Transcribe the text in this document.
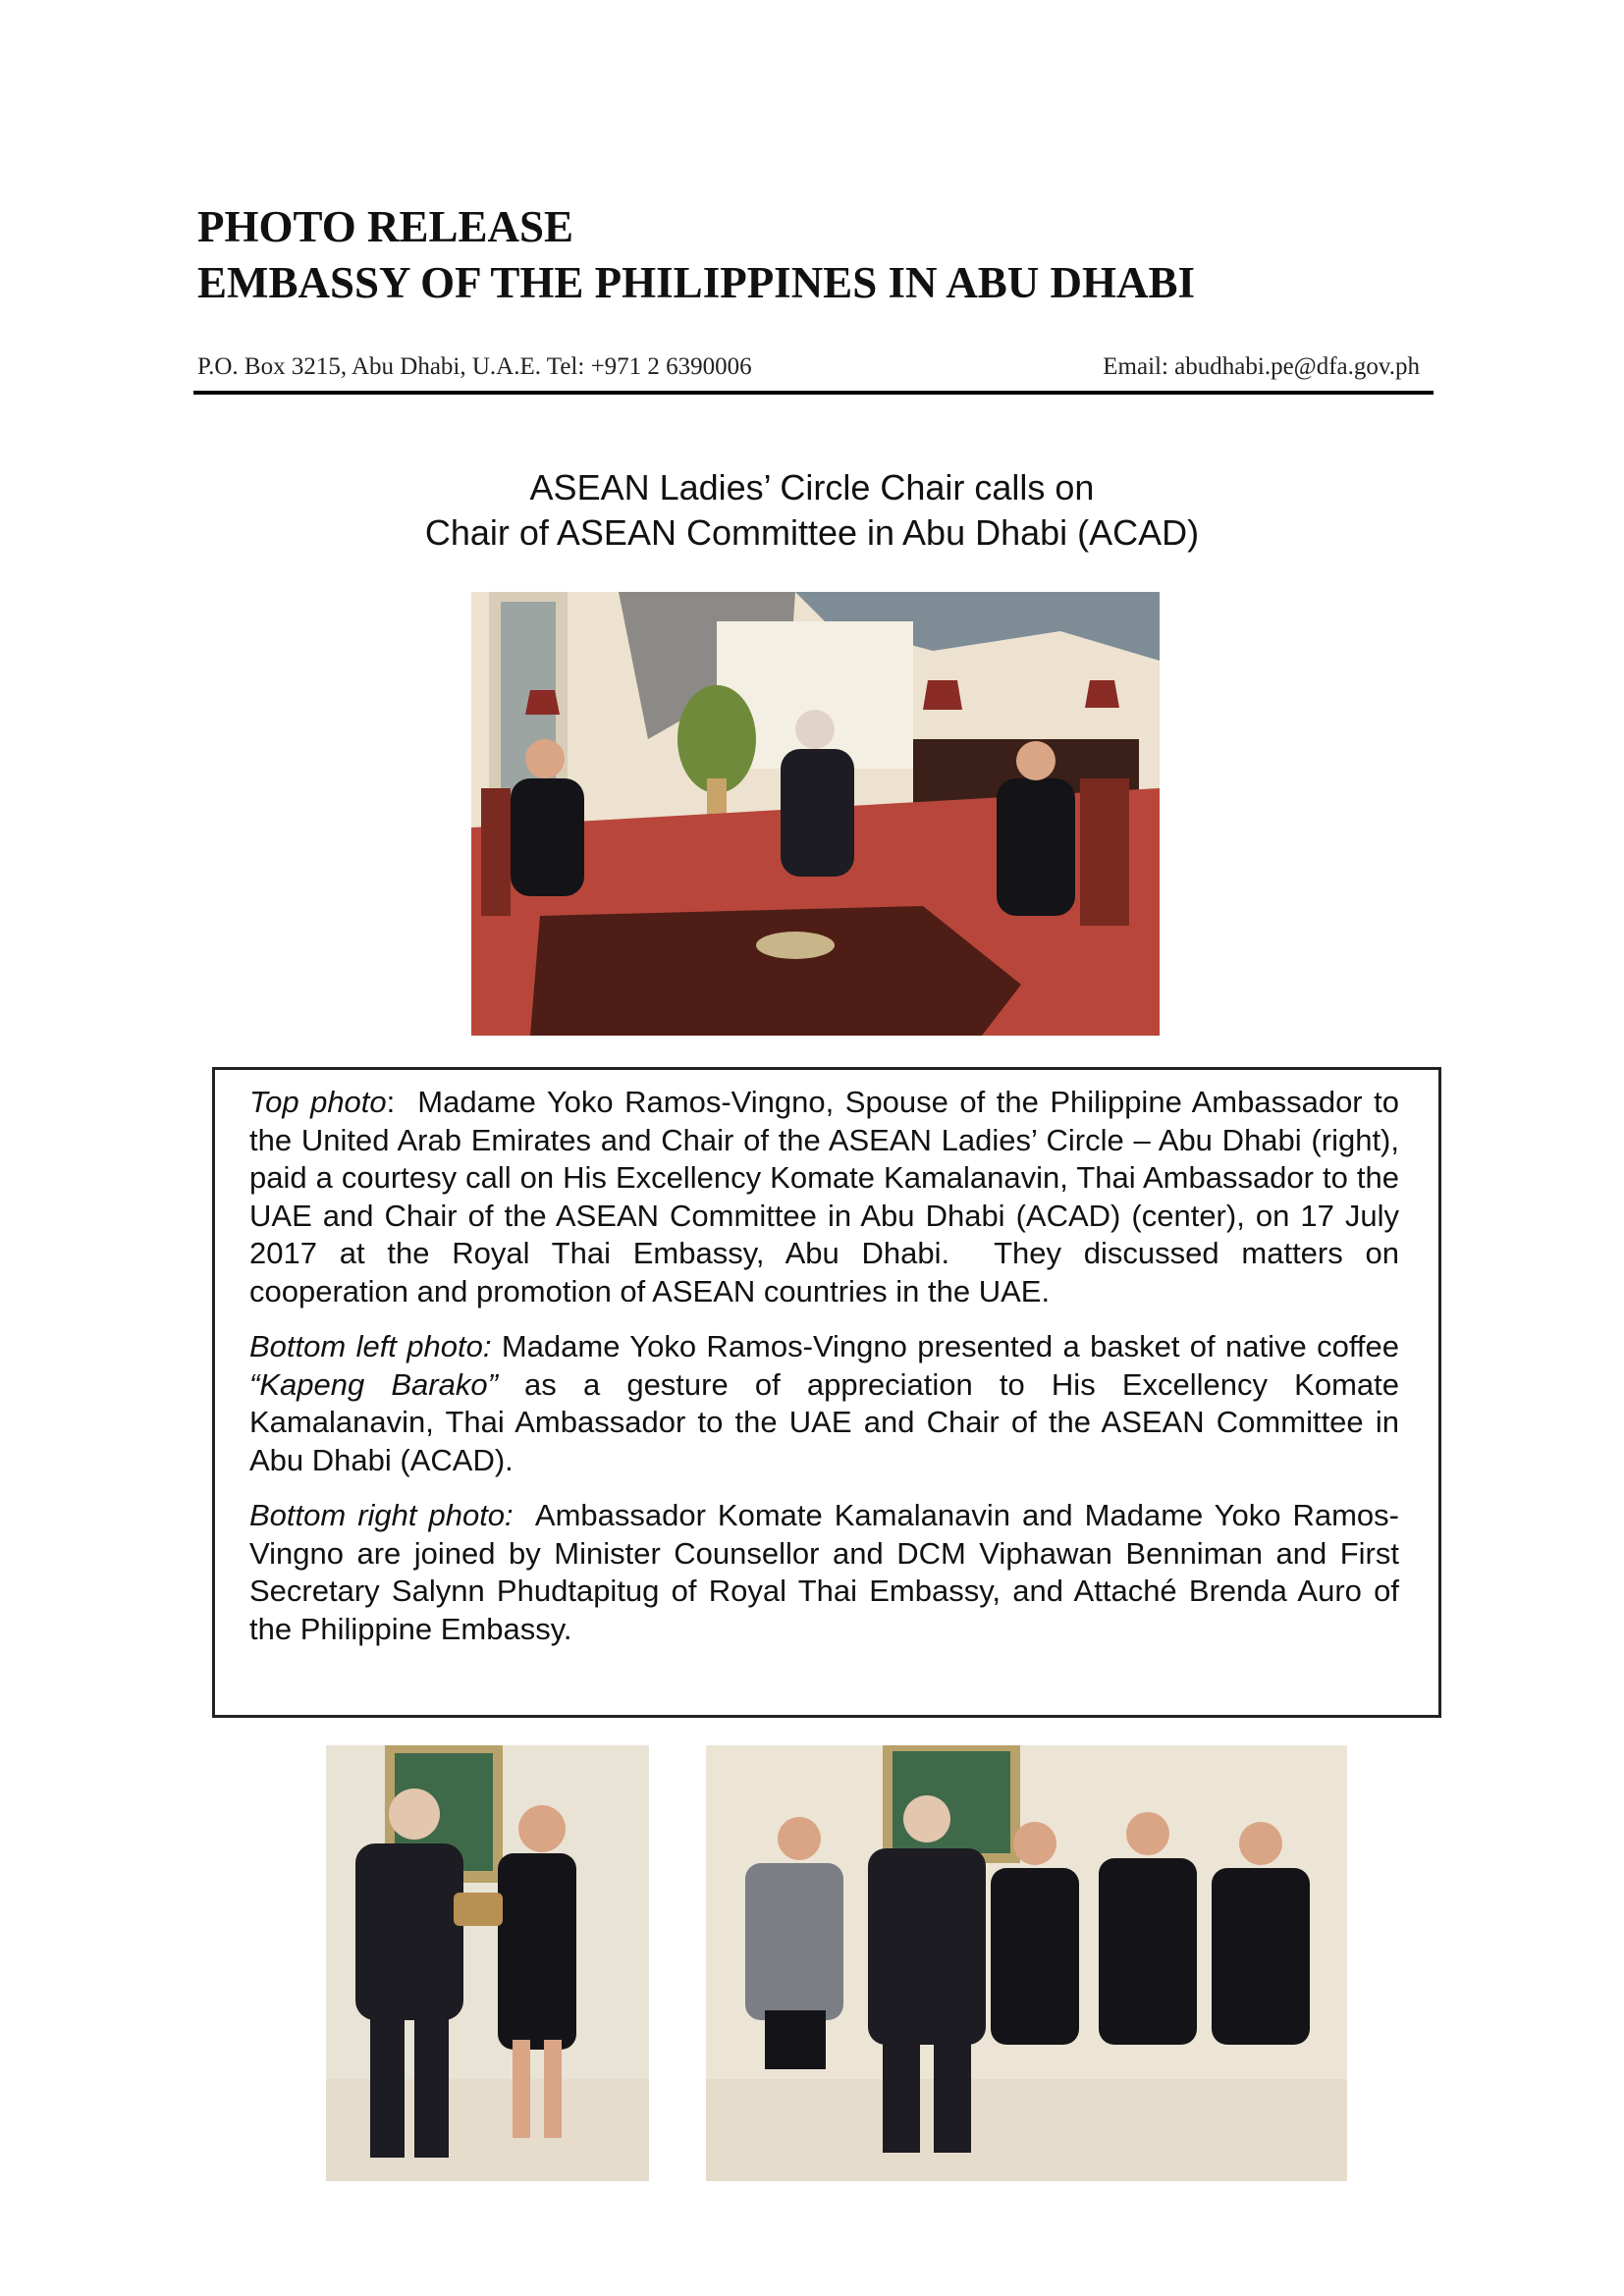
PHOTO RELEASE
EMBASSY OF THE PHILIPPINES IN ABU DHABI
P.O. Box 3215, Abu Dhabi, U.A.E. Tel: +971 2 6390006	Email: abudhabi.pe@dfa.gov.ph
ASEAN Ladies’ Circle Chair calls on
Chair of ASEAN Committee in Abu Dhabi (ACAD)

Top photo:  Madame Yoko Ramos-Vingno, Spouse of the Philippine Ambassador to the United Arab Emirates and Chair of the ASEAN Ladies’ Circle – Abu Dhabi (right), paid a courtesy call on His Excellency Komate Kamalanavin, Thai Ambassador to the UAE and Chair of the ASEAN Committee in Abu Dhabi (ACAD) (center), on 17 July 2017 at the Royal Thai Embassy, Abu Dhabi.  They discussed matters on cooperation and promotion of ASEAN countries in the UAE.

Bottom left photo: Madame Yoko Ramos-Vingno presented a basket of native coffee “Kapeng Barako” as a gesture of appreciation to His Excellency Komate Kamalanavin, Thai Ambassador to the UAE and Chair of the ASEAN Committee in Abu Dhabi (ACAD).

Bottom right photo:  Ambassador Komate Kamalanavin and Madame Yoko Ramos-Vingno are joined by Minister Counsellor and DCM Viphawan Benniman and First Secretary Salynn Phudtapitug of Royal Thai Embassy, and Attaché Brenda Auro of the Philippine Embassy.
